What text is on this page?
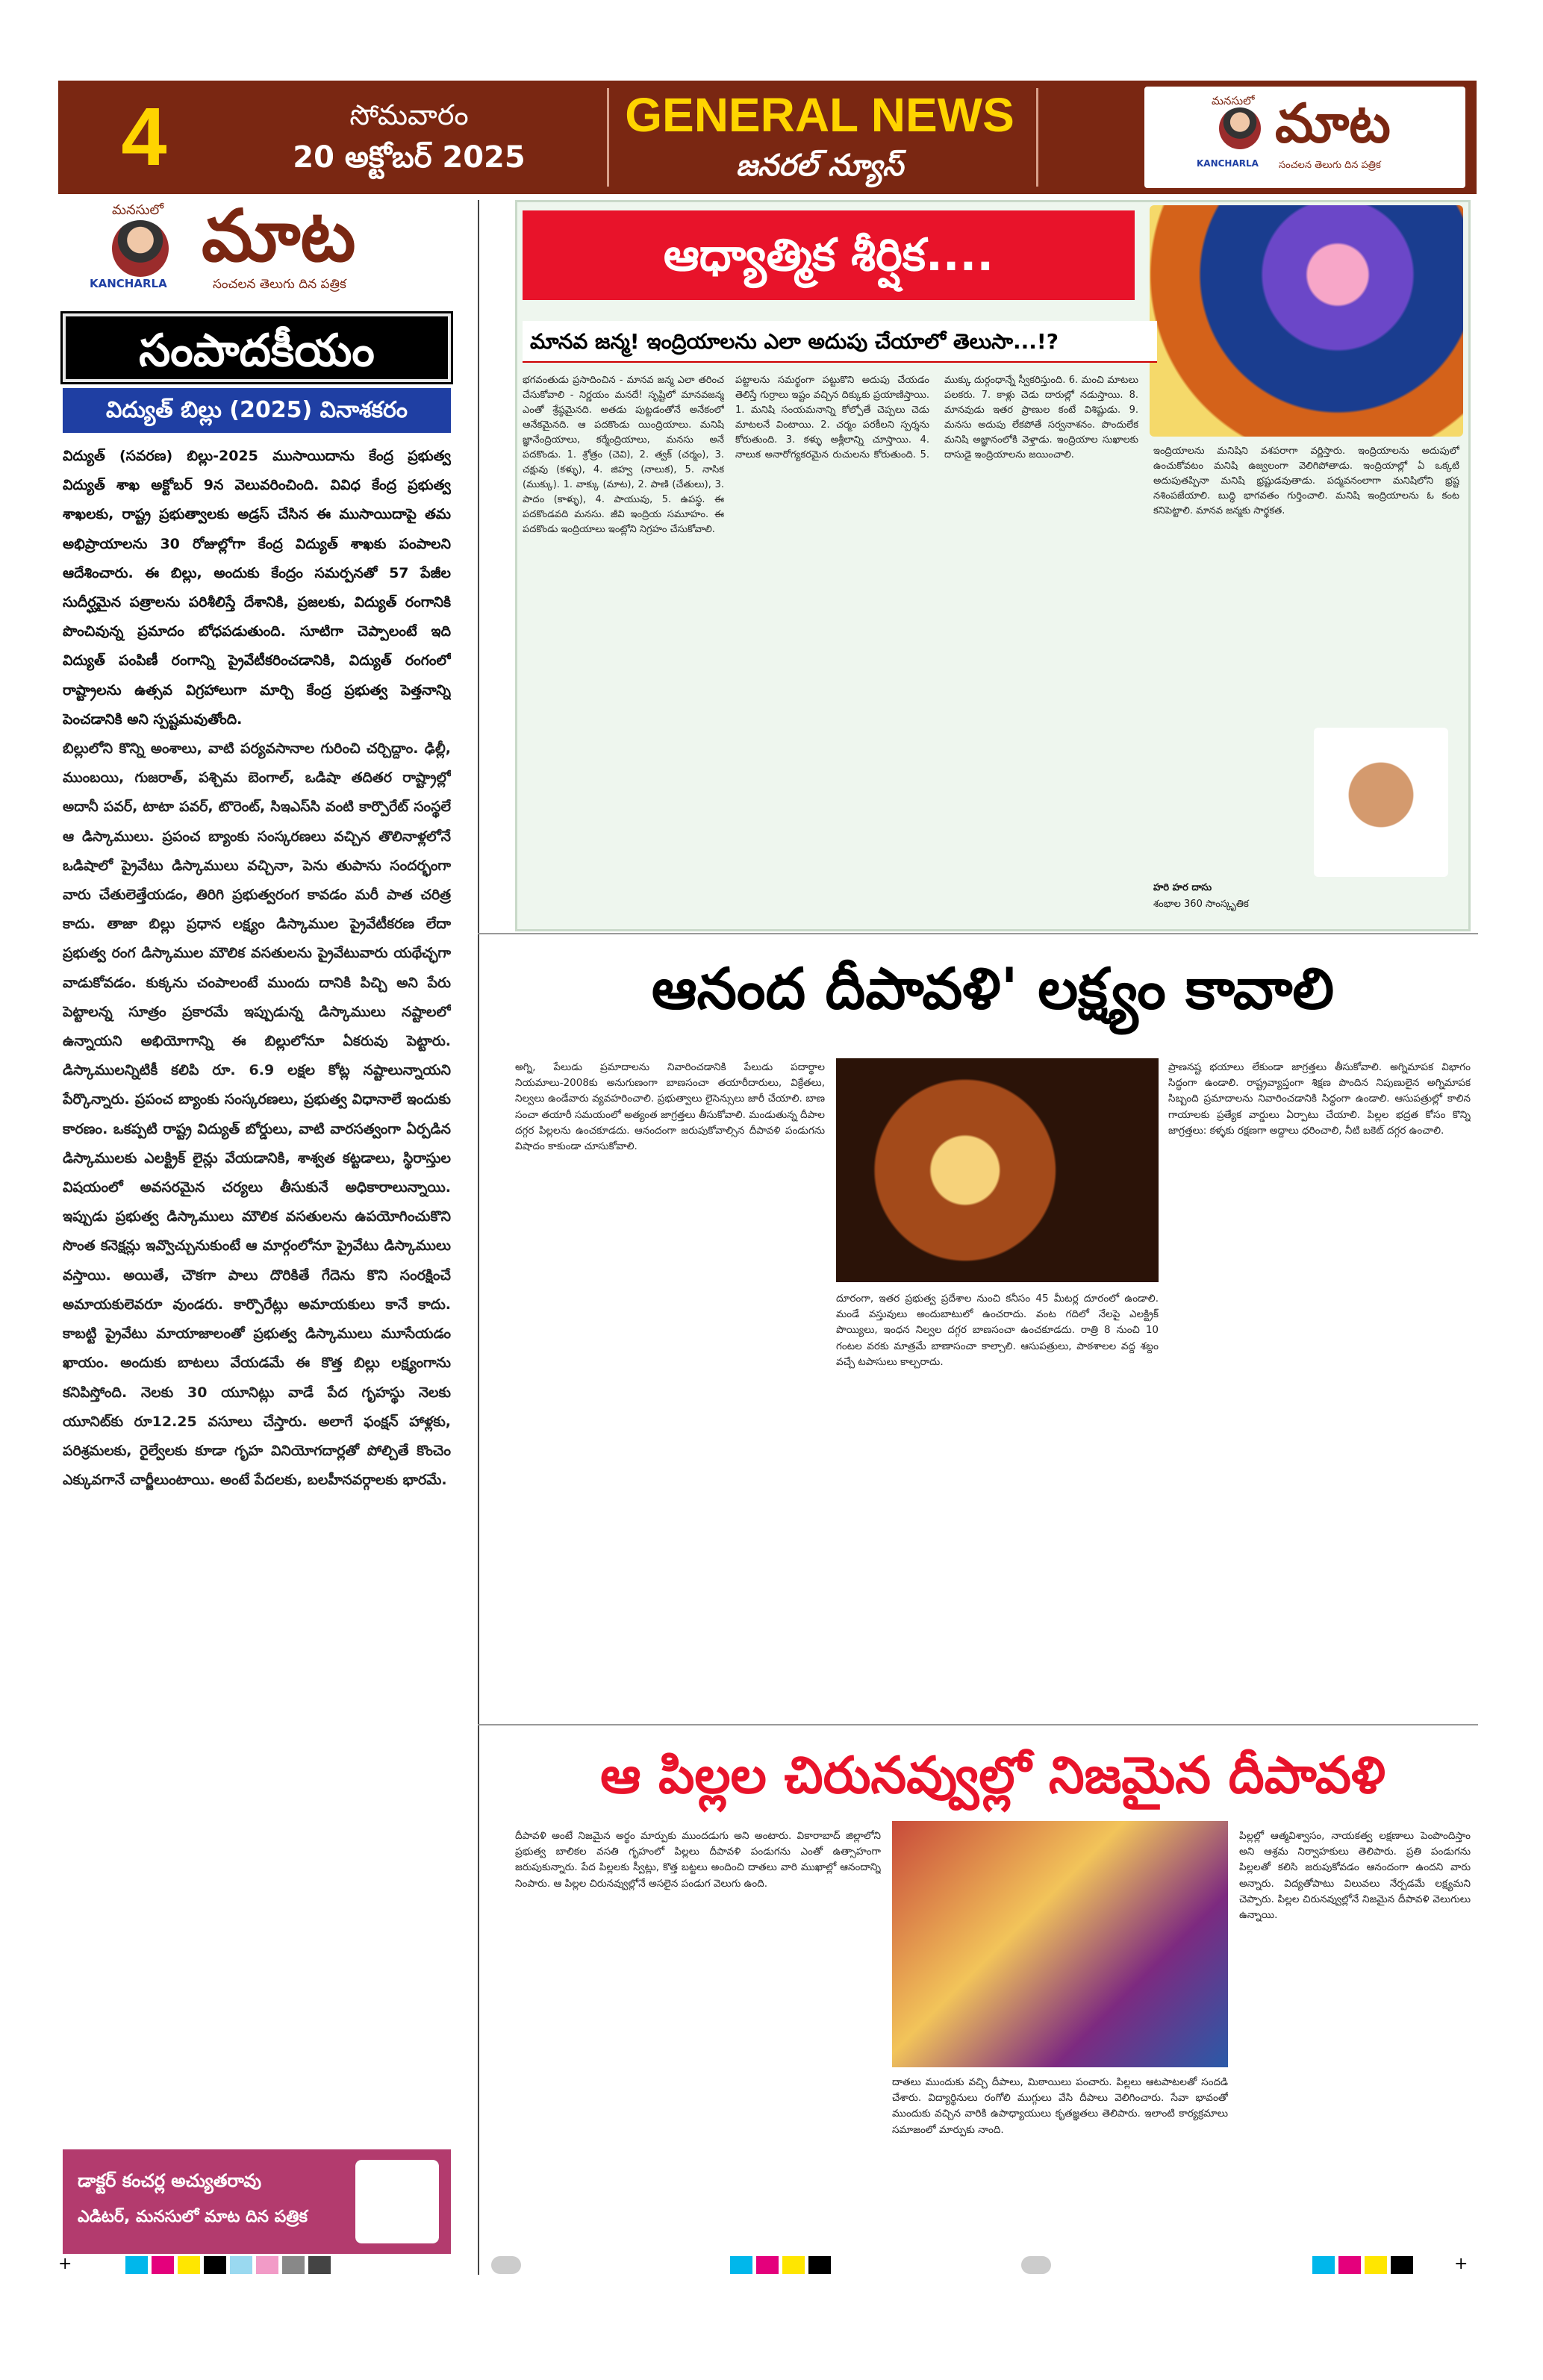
4	సోమవారం
20 అక్టోబర్ 2025
GENERAL NEWS
జనరల్ న్యూస్
మనసులో మాట
KANCHARLA సంచలన తెలుగు దిన పత్రిక
మనసులో మాట
KANCHARLA	సంచలన తెలుగు దిన పత్రిక
సంపాదకీయం
విద్యుత్ బిల్లు (2025) వినాశకరం

విద్యుత్ (సవరణ) బిల్లు-2025 ముసాయిదాను కేంద్ర ప్రభుత్వ విద్యుత్ శాఖ అక్టోబర్ 9న వెలువరించింది. వివిధ కేంద్ర ప్రభుత్వ శాఖలకు, రాష్ట్ర ప్రభుత్వాలకు అడ్రస్ చేసిన ఈ ముసాయిదాపై తమ అభిప్రాయాలను 30 రోజుల్లోగా కేంద్ర విద్యుత్ శాఖకు పంపాలని ఆదేశించారు. ఈ బిల్లు, అందుకు కేంద్రం సమర్పనతో 57 పేజీల సుదీర్ఘమైన పత్రాలను పరిశీలిస్తే దేశానికి, ప్రజలకు, విద్యుత్ రంగానికి పొంచివున్న ప్రమాదం బోధపడుతుంది. సూటిగా చెప్పాలంటే ఇది విద్యుత్ పంపిణీ రంగాన్ని ప్రైవేటీకరించడానికి, విద్యుత్ రంగంలో రాష్ట్రాలను ఉత్సవ విగ్రహాలుగా మార్చి కేంద్ర ప్రభుత్వ పెత్తనాన్ని పెంచడానికి అని స్పష్టమవుతోంది.

బిల్లులోని కొన్ని అంశాలు, వాటి పర్యవసానాల గురించి చర్చిద్దాం. ఢిల్లీ, ముంబయి, గుజరాత్, పశ్చిమ బెంగాల్, ఒడిషా తదితర రాష్ట్రాల్లో అదానీ పవర్, టాటా పవర్, టొరెంట్, సిఇఎస్‌సి వంటి కార్పొరేట్ సంస్థలే ఆ డిస్కాములు. ప్రపంచ బ్యాంకు సంస్కరణలు వచ్చిన తొలినాళ్లలోనే ఒడిషాలో ప్రైవేటు డిస్కాములు వచ్చినా, పెను తుపాను సందర్భంగా వారు చేతులెత్తేయడం, తిరిగి ప్రభుత్వరంగ కావడం మరీ పాత చరిత్ర కాదు. తాజా బిల్లు ప్రధాన లక్ష్యం డిస్కాముల ప్రైవేటీకరణ లేదా ప్రభుత్వ రంగ డిస్కాముల మౌలిక వసతులను ప్రైవేటువారు యథేచ్ఛగా వాడుకోవడం. కుక్కను చంపాలంటే ముందు దానికి పిచ్చి అని పేరు పెట్టాలన్న సూత్రం ప్రకారమే ఇప్పుడున్న డిస్కాములు నష్టాలలో ఉన్నాయని అభియోగాన్ని ఈ బిల్లులోనూ ఏకరువు పెట్టారు. డిస్కాములన్నిటికీ కలిపి రూ. 6.9 లక్షల కోట్ల నష్టాలున్నాయని పేర్కొన్నారు. ప్రపంచ బ్యాంకు సంస్కరణలు, ప్రభుత్వ విధానాలే ఇందుకు కారణం. ఒకప్పటి రాష్ట్ర విద్యుత్ బోర్డులు, వాటి వారసత్వంగా ఏర్పడిన డిస్కాములకు ఎలక్ట్రిక్ లైన్లు వేయడానికి, శాశ్వత కట్టడాలు, స్థిరాస్తుల విషయంలో అవసరమైన చర్యలు తీసుకునే అధికారాలున్నాయి. ఇప్పుడు ప్రభుత్వ డిస్కాములు మౌలిక వసతులను ఉపయోగించుకొని సొంత కనెక్షన్లు ఇవ్వొచ్చునుకుంటే ఆ మార్గంలోనూ ప్రైవేటు డిస్కాములు వస్తాయి. అయితే, చౌకగా పాలు దొరికితే గేదెను కొని సంరక్షించే అమాయకులెవరూ వుండరు. కార్పొరేట్లు అమాయకులు కానే కాదు. కాబట్టి ప్రైవేటు మాయాజాలంతో ప్రభుత్వ డిస్కాములు మూసేయడం ఖాయం. అందుకు బాటలు వేయడమే ఈ కొత్త బిల్లు లక్ష్యంగాను కనిపిస్తోంది. నెలకు 30 యూనిట్లు వాడే పేద గృహస్థు నెలకు యూనిట్‌కు రూ12.25 వసూలు చేస్తారు. అలాగే ఫంక్షన్ హాళ్లకు, పరిశ్రమలకు, రైల్వేలకు కూడా గృహ వినియోగదార్లతో పోల్చితే కొంచెం ఎక్కువగానే చార్జీలుంటాయి. అంటే పేదలకు, బలహీనవర్గాలకు భారమే.

డాక్టర్ కంచర్ల అచ్యుతరావు
ఎడిటర్, మనసులో మాట దిన పత్రిక
ఆధ్యాత్మిక శీర్షిక....
మానవ జన్మ! ఇంద్రియాలను ఎలా అదుపు చేయాలో తెలుసా...!?
భగవంతుడు ప్రసాదించిన - మానవ జన్మ ఎలా తరించ చేసుకోవాలి - నిర్ణయం మనదే! సృష్టిలో మానవజన్మ ఎంతో శ్రేష్ఠమైనది. అతడు పుట్టడంతోనే అనేకంలో ఆనేకమైనది. ఆ పదకొండు యింద్రియాలు. మనిషి జ్ఞానేంద్రియాలు, కర్మేంద్రియాలు, మనసు అనే పదకొండు. 1. శ్రోత్రం (చెవి), 2. త్వక్ (చర్మం), 3. చక్షువు (కళ్ళు), 4. జిహ్వ (నాలుక), 5. నాసిక (ముక్కు). 1. వాక్కు (మాట), 2. పాణి (చేతులు), 3. పాదం (కాళ్ళు), 4. పాయువు, 5. ఉపస్థ. ఈ పదకొండవది మనసు. జీవి ఇంద్రియ సమూహం. ఈ పదకొండు ఇంద్రియాలు ఇంట్లోని నిగ్రహం చేసుకోవాలి.
పట్టాలను సమర్థంగా పట్టుకొని అదుపు చేయడం తెలిస్తే గుర్రాలు ఇష్టం వచ్చిన దిక్కుకు ప్రయాణిస్తాయి. 1. మనిషి సంయమనాన్ని కోల్పోతే చెప్పలు చెడు మాటలనే వింటాయి. 2. చర్మం పరకీలని స్పర్శను కోరుతుంది. 3. కళ్ళు అశ్లీలాన్ని చూస్తాయి. 4. నాలుక అనారోగ్యకరమైన రుచులను కోరుతుంది. 5. ముక్కు దుర్గంధాన్నే స్వీకరిస్తుంది. 6. మంచి మాటలు పలకరు. 7. కాళ్లు చెడు దారుల్లో నడుస్తాయి. 8. మానవుడు ఇతర ప్రాణుల కంటే విశిష్టుడు. 9. మనసు అదుపు లేకపోతే సర్వనాశనం. పొందులేక మనిషి అజ్ఞానంలోకి వెళ్తాడు. ఇంద్రియాల సుఖాలకు దాసుడై ఇంద్రియాలను జయించాలి.	ఇంద్రియాలను మనిషిని వశపరాగా వర్ణిస్తారు. ఇంద్రియాలను అదుపులో ఉంచుకోవటం మనిషి ఉజ్వలంగా వెలిగిపోతాడు. ఇంద్రియాల్లో ఏ ఒక్కటి అదుపుతప్పినా మనిషి భ్రష్టుడవుతాడు. పద్మవనంలాగా మనిషిలోని భ్రష్ట నశింపజేయాలి. బుద్ధి భాగవతం గుర్తించాలి. మనిషి ఇంద్రియాలను ఓ కంట కనిపెట్టాలి. మానవ జన్మకు సార్థకత.
హరి హర దాసు
శంభాల 360 సాంస్కృతిక
ఆనంద దీపావళి' లక్ష్యం కావాలి
అగ్ని, పేలుడు ప్రమాదాలను నివారించడానికి పేలుడు పదార్థాల నియమాలు-2008కు అనుగుణంగా బాణసంచా తయారీదారులు, విక్రేతలు, నిల్వలు ఉండేవారు వ్యవహరించాలి. ప్రభుత్వాలు లైసెన్సులు జారీ చేయాలి. బాణ సంచా తయారీ సమయంలో అత్యంత జాగ్రత్తలు తీసుకోవాలి. మండుతున్న దీపాల దగ్గర పిల్లలను ఉంచకూడదు. ఆనందంగా జరుపుకోవాల్సిన దీపావళి పండుగను విషాదం కాకుండా చూసుకోవాలి.
దూరంగా, ఇతర ప్రభుత్వ ప్రదేశాల నుంచి కనీసం 45 మీటర్ల దూరంలో ఉండాలి. మండే వస్తువులు అందుబాటులో ఉంచరాదు. వంట గదిలో నేలపై ఎలక్ట్రిక్ పొయ్యిలు, ఇంధన నిల్వల దగ్గర బాణసంచా ఉంచకూడదు. రాత్రి 8 నుంచి 10 గంటల వరకు మాత్రమే బాణాసంచా కాల్చాలి. ఆసుపత్రులు, పాఠశాలల వద్ద శబ్దం వచ్చే టపాసులు కాల్చరాదు.
ప్రాణనష్ట భయాలు లేకుండా జాగ్రత్తలు తీసుకోవాలి. అగ్నిమాపక విభాగం సిద్ధంగా ఉండాలి. రాష్ట్రవ్యాప్తంగా శిక్షణ పొందిన నిపుణులైన అగ్నిమాపక సిబ్బంది ప్రమాదాలను నివారించడానికి సిద్ధంగా ఉండాలి. ఆసుపత్రుల్లో కాలిన గాయాలకు ప్రత్యేక వార్డులు ఏర్పాటు చేయాలి. పిల్లల భద్రత కోసం కొన్ని జాగ్రత్తలు: కళ్ళకు రక్షణగా అద్దాలు ధరించాలి, నీటి బకెట్ దగ్గర ఉంచాలి.
ఆ పిల్లల చిరునవ్వుల్లో నిజమైన దీపావళి
దీపావళి అంటే నిజమైన అర్థం మార్పుకు ముందడుగు అని అంటారు. వికారాబాద్ జిల్లాలోని ప్రభుత్వ బాలికల వసతి గృహంలో పిల్లలు దీపావళి పండుగను ఎంతో ఉత్సాహంగా జరుపుకున్నారు. పేద పిల్లలకు స్వీట్లు, కొత్త బట్టలు అందించి దాతలు వారి ముఖాల్లో ఆనందాన్ని నింపారు. ఆ పిల్లల చిరునవ్వుల్లోనే అసలైన పండుగ వెలుగు ఉంది.
దాతలు ముందుకు వచ్చి దీపాలు, మిఠాయిలు పంచారు. పిల్లలు ఆటపాటలతో సందడి చేశారు. విద్యార్థినులు రంగోలి ముగ్గులు వేసి దీపాలు వెలిగించారు. సేవా భావంతో ముందుకు వచ్చిన వారికి ఉపాధ్యాయులు కృతజ్ఞతలు తెలిపారు. ఇలాంటి కార్యక్రమాలు సమాజంలో మార్పుకు నాంది.
పిల్లల్లో ఆత్మవిశ్వాసం, నాయకత్వ లక్షణాలు పెంపొందిస్తాం అని ఆశ్రమ నిర్వాహకులు తెలిపారు. ప్రతి పండుగను పిల్లలతో కలిసి జరుపుకోవడం ఆనందంగా ఉందని వారు అన్నారు. విద్యతోపాటు విలువలు నేర్పడమే లక్ష్యమని చెప్పారు. పిల్లల చిరునవ్వుల్లోనే నిజమైన దీపావళి వెలుగులు ఉన్నాయి.
+	+
